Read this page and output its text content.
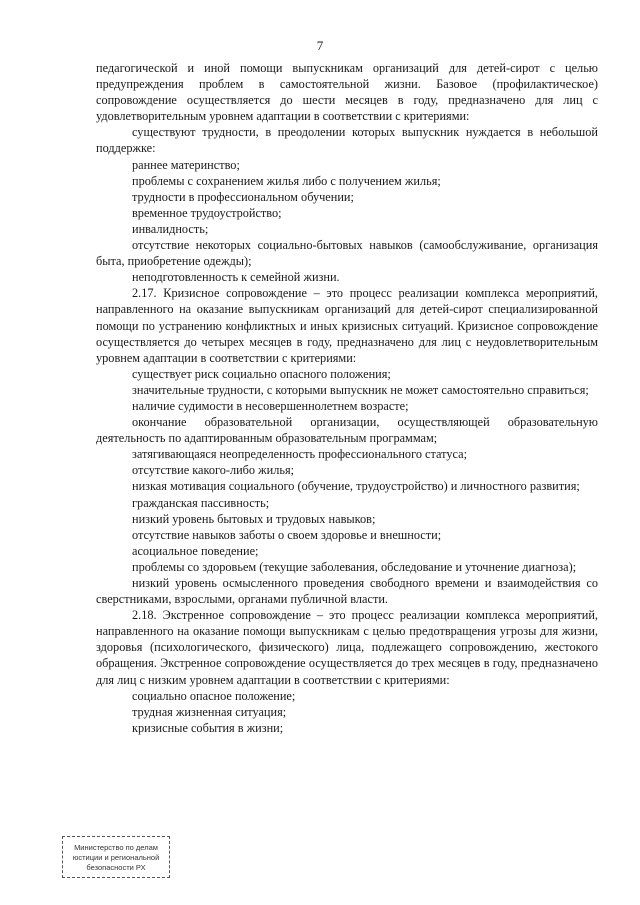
7

педагогической и иной помощи выпускникам организаций для детей-сирот с целью предупреждения проблем в самостоятельной жизни. Базовое (профилактическое) сопровождение осуществляется до шести месяцев в году, предназначено для лиц с удовлетворительным уровнем адаптации в соответствии с критериями:

существуют трудности, в преодолении которых выпускник нуждается в небольшой поддержке:

раннее материнство;

проблемы с сохранением жилья либо с получением жилья;

трудности в профессиональном обучении;

временное трудоустройство;

инвалидность;

отсутствие некоторых социально-бытовых навыков (самообслуживание, организация быта, приобретение одежды);

неподготовленность к семейной жизни.

2.17. Кризисное сопровождение – это процесс реализации комплекса мероприятий, направленного на оказание выпускникам организаций для детей-сирот специализированной помощи по устранению конфликтных и иных кризисных ситуаций. Кризисное сопровождение осуществляется до четырех месяцев в году, предназначено для лиц с неудовлетворительным уровнем адаптации в соответствии с критериями:

существует риск социально опасного положения;

значительные трудности, с которыми выпускник не может самостоятельно справиться;

наличие судимости в несовершеннолетнем возрасте;

окончание образовательной организации, осуществляющей образовательную деятельность по адаптированным образовательным программам;

затягивающаяся неопределенность профессионального статуса;

отсутствие какого-либо жилья;

низкая мотивация социального (обучение, трудоустройство) и личностного развития;

гражданская пассивность;

низкий уровень бытовых и трудовых навыков;

отсутствие навыков заботы о своем здоровье и внешности;

асоциальное поведение;

проблемы со здоровьем (текущие заболевания, обследование и уточнение диагноза);

низкий уровень осмысленного проведения свободного времени и взаимодействия со сверстниками, взрослыми, органами публичной власти.

2.18. Экстренное сопровождение – это процесс реализации комплекса мероприятий, направленного на оказание помощи выпускникам с целью предотвращения угрозы для жизни, здоровья (психологического, физического) лица, подлежащего сопровождению, жестокого обращения. Экстренное сопровождение осуществляется до трех месяцев в году, предназначено для лиц с низким уровнем адаптации в соответствии с критериями:

социально опасное положение;

трудная жизненная ситуация;

кризисные события в жизни;

Министерство по делам
юстиции и региональной
безопасности РХ
